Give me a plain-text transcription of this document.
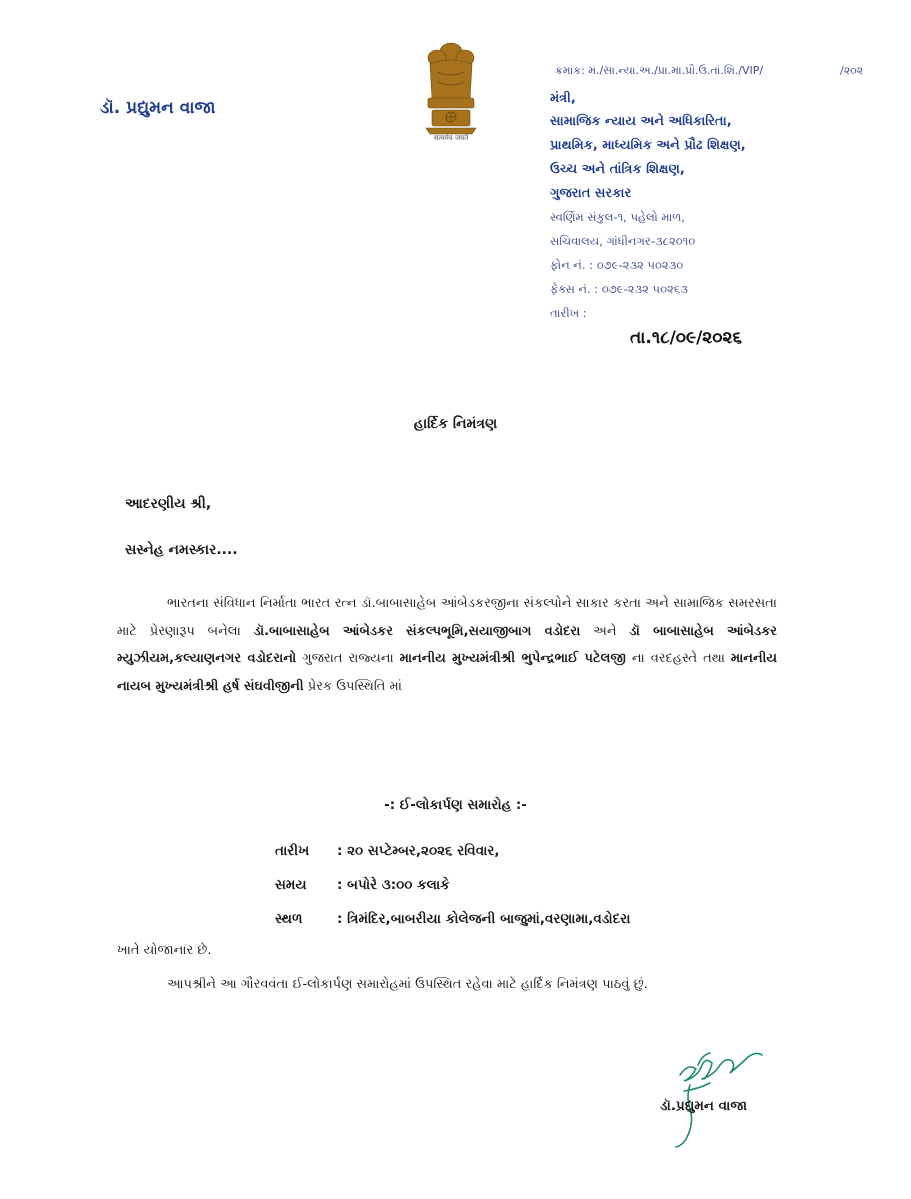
ક્રમાંક: મં./સા.ન્યા.અ./પ્રા.મા.પ્રૌ.ઉ.તાં.શિ./VIP/	/૨૦૨
ડૉ. પ્રદ્યુમન વાજા
सत्यमेव जयते
મંત્રી,
સામાજિક ન્યાય અને અધિકારિતા,
પ્રાથમિક, માધ્યમિક અને પ્રૌઢ શિક્ષણ,
ઉચ્ચ અને તાંત્રિક શિક્ષણ,
ગુજરાત સરકાર
સ્વર્ણિમ સંકુલ-૧, પહેલો માળ,
સચિવાલય, ગાંધીનગર-૩૮૨૦૧૦
ફોન નં. : ૦૭૯-૨૩૨ ૫૦૨૩૦
ફેક્સ નં. : ૦૭૯-૨૩૨ ૫૦૨૬૩
તારીખ :
તા.૧૮/૦૯/૨૦૨૬
હાર્દિક નિમંત્રણ
આદરણીય શ્રી,
સસ્નેહ નમસ્કાર....

ભારતના સંવિધાન નિર્માતા ભારત રત્ન ડૉ.બાબાસાહેબ આંબેડકરજીના સંકલ્પોને સાકાર કરતા અને સામાજિક સમરસતા માટે પ્રેરણારૂપ બનેલા ડૉ.બાબાસાહેબ આંબેડકર સંકલ્પભૂમિ,સયાજીબાગ વડોદરા અને ડૉ બાબાસાહેબ આંબેડકર મ્યુઝીયમ,કલ્યાણનગર વડોદરાનો ગુજરાત રાજ્યના માનનીય મુખ્યમંત્રીશ્રી ભુપેન્દ્રભાઈ પટેલજી ના વરદહસ્તે તથા માનનીય નાયબ મુખ્યમંત્રીશ્રી હર્ષ સંઘવીજીની પ્રેરક ઉપસ્થિતિ માં

-: ઈ-લોકાર્પણ સમારોહ :-
તારીખ : ૨૦ સપ્ટેમ્બર,૨૦૨૬ રવિવાર,
સમય : બપોરે ૩:૦૦ કલાકે
સ્થળ	: ત્રિમંદિર,બાબરીયા કોલેજની બાજુમાં,વરણામા,વડોદરા
ખાતે યોજાનાર છે.

આપશ્રીને આ ગૌરવવંતા ઈ-લોકાર્પણ સમારોહમાં ઉપસ્થિત રહેવા માટે હાર્દિક નિમંત્રણ પાઠવું છું.

ડૉ.પ્રદ્યુમન વાજા
